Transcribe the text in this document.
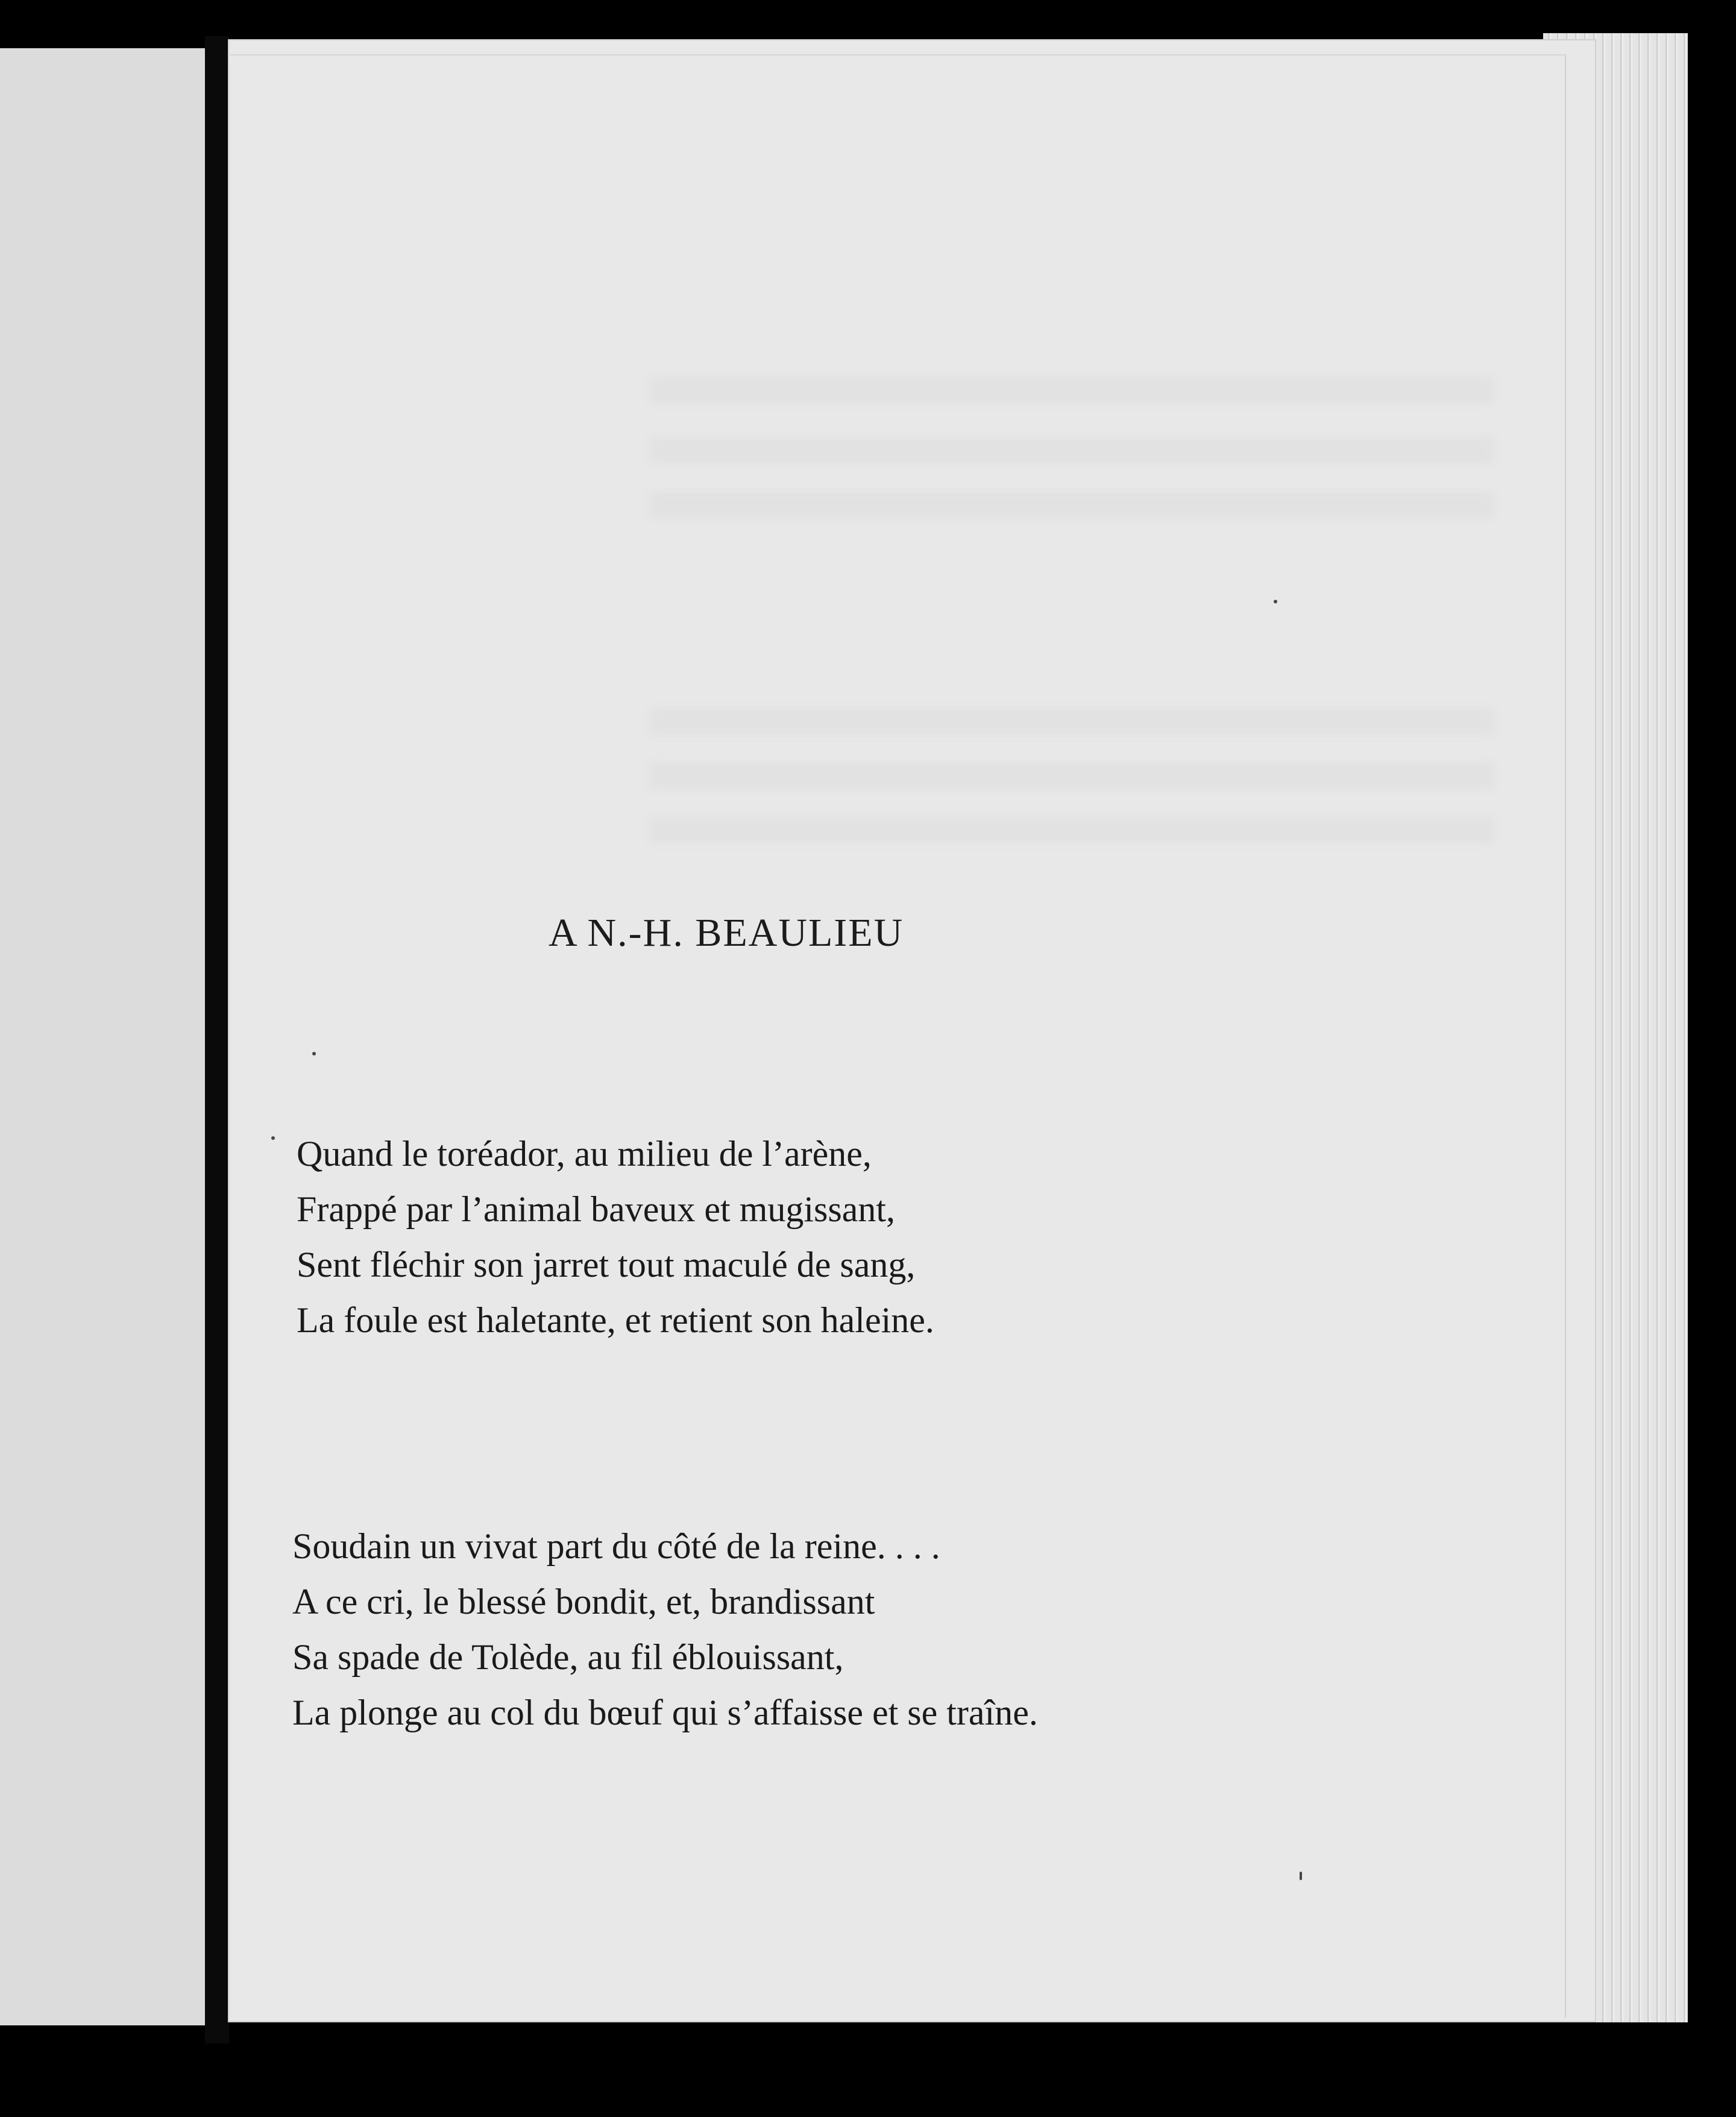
A N.-H. BEAULIEU
Quand le toréador, au milieu de l’arène,
Frappé par l’animal baveux et mugissant,
Sent fléchir son jarret tout maculé de sang,
La foule est haletante, et retient son haleine.
Soudain un vivat part du côté de la reine. . . .
A ce cri, le blessé bondit, et, brandissant
Sa spade de Tolède, au fil éblouissant,
La plonge au col du bœuf qui s’affaisse et se traîne.
